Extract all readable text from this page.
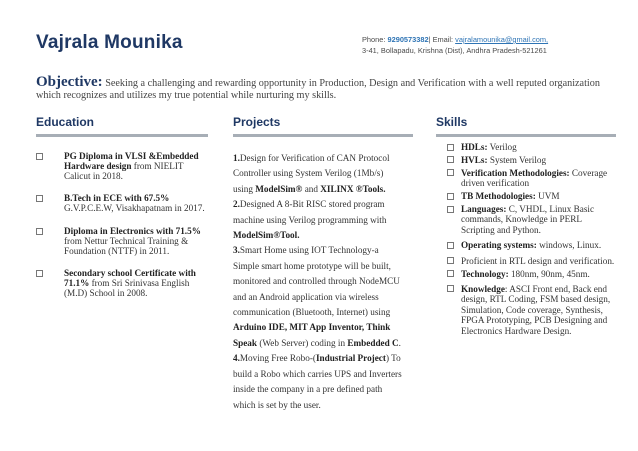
Vajrala Mounika	Phone: 9290573382| Email: vajralamounika@gmail.com,
3-41, Bollapadu, Krishna (Dist), Andhra Pradesh-521261
Objective: Seeking a challenging and rewarding opportunity in Production, Design and Verification with a well reputed organization which recognizes and utilizes my true potential while nurturing my skills.
Education	Projects	Skills
PG Diploma in VLSI &Embedded Hardware design from NIELIT Calicut in 2018.
B.Tech in ECE with 67.5% G.V.P.C.E.W, Visakhapatnam in 2017.
Diploma in Electronics with 71.5% from Nettur Technical Training & Foundation (NTTF) in 2011.
Secondary school Certificate with 71.1% from Sri Srinivasa English (M.D) School in 2008.

1.Design for Verification of CAN Protocol Controller using System Verilog (1Mb/s) using ModelSim® and XILINX ®Tools.

2.Designed A 8-Bit RISC stored program machine using Verilog programming with ModelSim®Tool.

3.Smart Home using IOT Technology-a Simple smart home prototype will be built, monitored and controlled through NodeMCU and an Android application via wireless communication (Bluetooth, Internet) using Arduino IDE, MIT App Inventor, Think Speak (Web Server) coding in Embedded C.

4.Moving Free Robo-(Industrial Project) To build a Robo which carries UPS and Inverters inside the company in a pre defined path which is set by the user.

HDLs: Verilog
HVLs: System Verilog
Verification Methodologies: Coverage driven verification
TB Methodologies: UVM
Languages: C, VHDL, Linux Basic commands, Knowledge in PERL Scripting and Python.
Operating systems: windows, Linux.
Proficient in RTL design and verification.
Technology: 180nm, 90nm, 45nm.
Knowledge: ASCI Front end, Back end design, RTL Coding, FSM based design, Simulation, Code coverage, Synthesis, FPGA Prototyping, PCB Designing and Electronics Hardware Design.
